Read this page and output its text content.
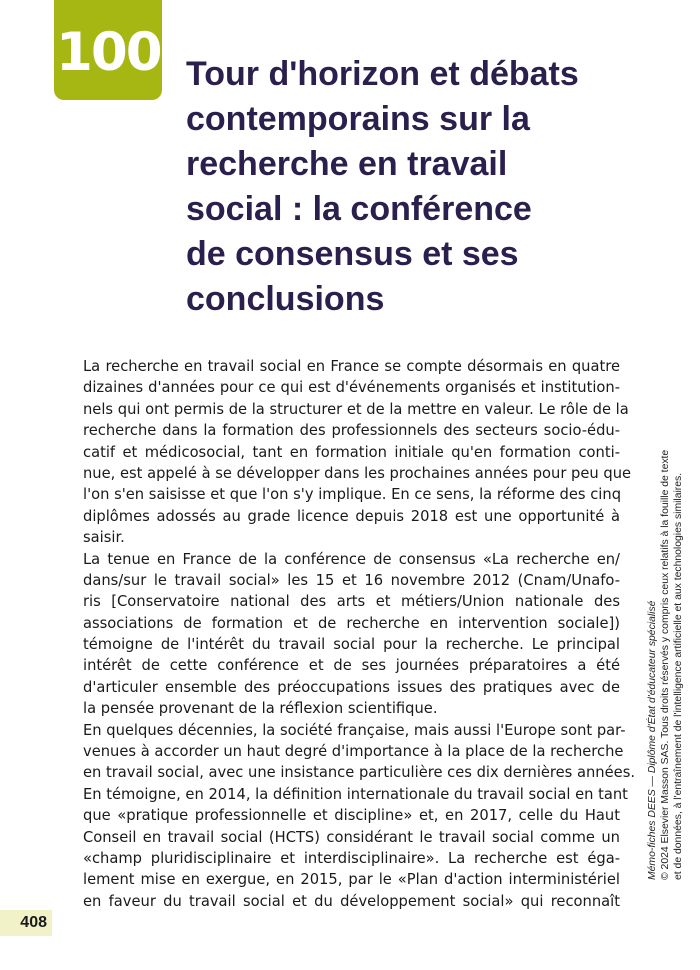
100 Tour d'horizon et débats
contemporains sur la
recherche en travail
social : la conférence
de consensus et ses
conclusions
La recherche en travail social en France se compte désormais en quatre
dizaines d'années pour ce qui est d'événements organisés et institution-
nels qui ont permis de la structurer et de la mettre en valeur. Le rôle de la
recherche dans la formation des professionnels des secteurs socio-édu-
catif et médicosocial, tant en formation initiale qu'en formation conti-
nue, est appelé à se développer dans les prochaines années pour peu que
l'on s'en saisisse et que l'on s'y implique. En ce sens, la réforme des cinq
diplômes adossés au grade licence depuis 2018 est une opportunité à
saisir.
La tenue en France de la conférence de consensus «La recherche en/
dans/sur le travail social» les 15 et 16 novembre 2012 (Cnam/Unafo-
ris [Conservatoire national des arts et métiers/Union nationale des
associations de formation et de recherche en intervention sociale])
témoigne de l'intérêt du travail social pour la recherche. Le principal
intérêt de cette conférence et de ses journées préparatoires a été
d'articuler ensemble des préoccupations issues des pratiques avec de
la pensée provenant de la réflexion scientifique.
En quelques décennies, la société française, mais aussi l'Europe sont par-
venues à accorder un haut degré d'importance à la place de la recherche
en travail social, avec une insistance particulière ces dix dernières années.
En témoigne, en 2014, la définition internationale du travail social en tant
que «pratique professionnelle et discipline» et, en 2017, celle du Haut
Conseil en travail social (HCTS) considérant le travail social comme un
«champ pluridisciplinaire et interdisciplinaire». La recherche est éga-
lement mise en exergue, en 2015, par le «Plan d'action interministériel
en faveur du travail social et du développement social» qui reconnaît
408
Mémo-fiches DEES — Diplôme d'État d'éducateur spécialisé © 2024 Elsevier Masson SAS. Tous droits réservés y compris ceux relatifs à la fouille de texte et de données, à l'entraînement de l'intelligence artificielle et aux technologies similaires.
